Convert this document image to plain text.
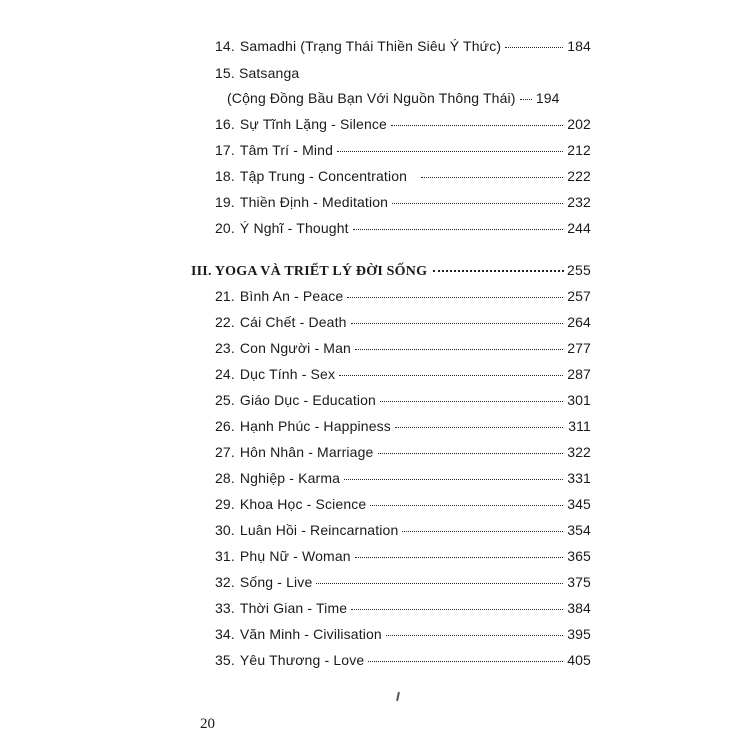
14. Samadhi (Trạng Thái Thiền Siêu Ý Thức)	184
15. Satsanga
(Cộng Đồng Bầu Bạn Với Nguồn Thông Thái) 194
16. Sự Tĩnh Lặng - Silence	202
17. Tâm Trí - Mind	212
18. Tập Trung - Concentration	222
19. Thiền Định - Meditation	232
20. Ý Nghĩ - Thought	244
III. YOGA VÀ TRIẾT LÝ ĐỜI SỐNG	255
21. Bình An - Peace	257
22. Cái Chết - Death	264
23. Con Người - Man	277
24. Dục Tính - Sex	287
25. Giáo Dục - Education	301
26. Hạnh Phúc - Happiness	311
27. Hôn Nhân - Marriage	322
28. Nghiệp - Karma	331
29. Khoa Học - Science	345
30. Luân Hồi - Reincarnation	354
31. Phụ Nữ - Woman	365
32. Sống - Live	375
33. Thời Gian - Time	384
34. Văn Minh - Civilisation	395
35. Yêu Thương - Love	405
20
